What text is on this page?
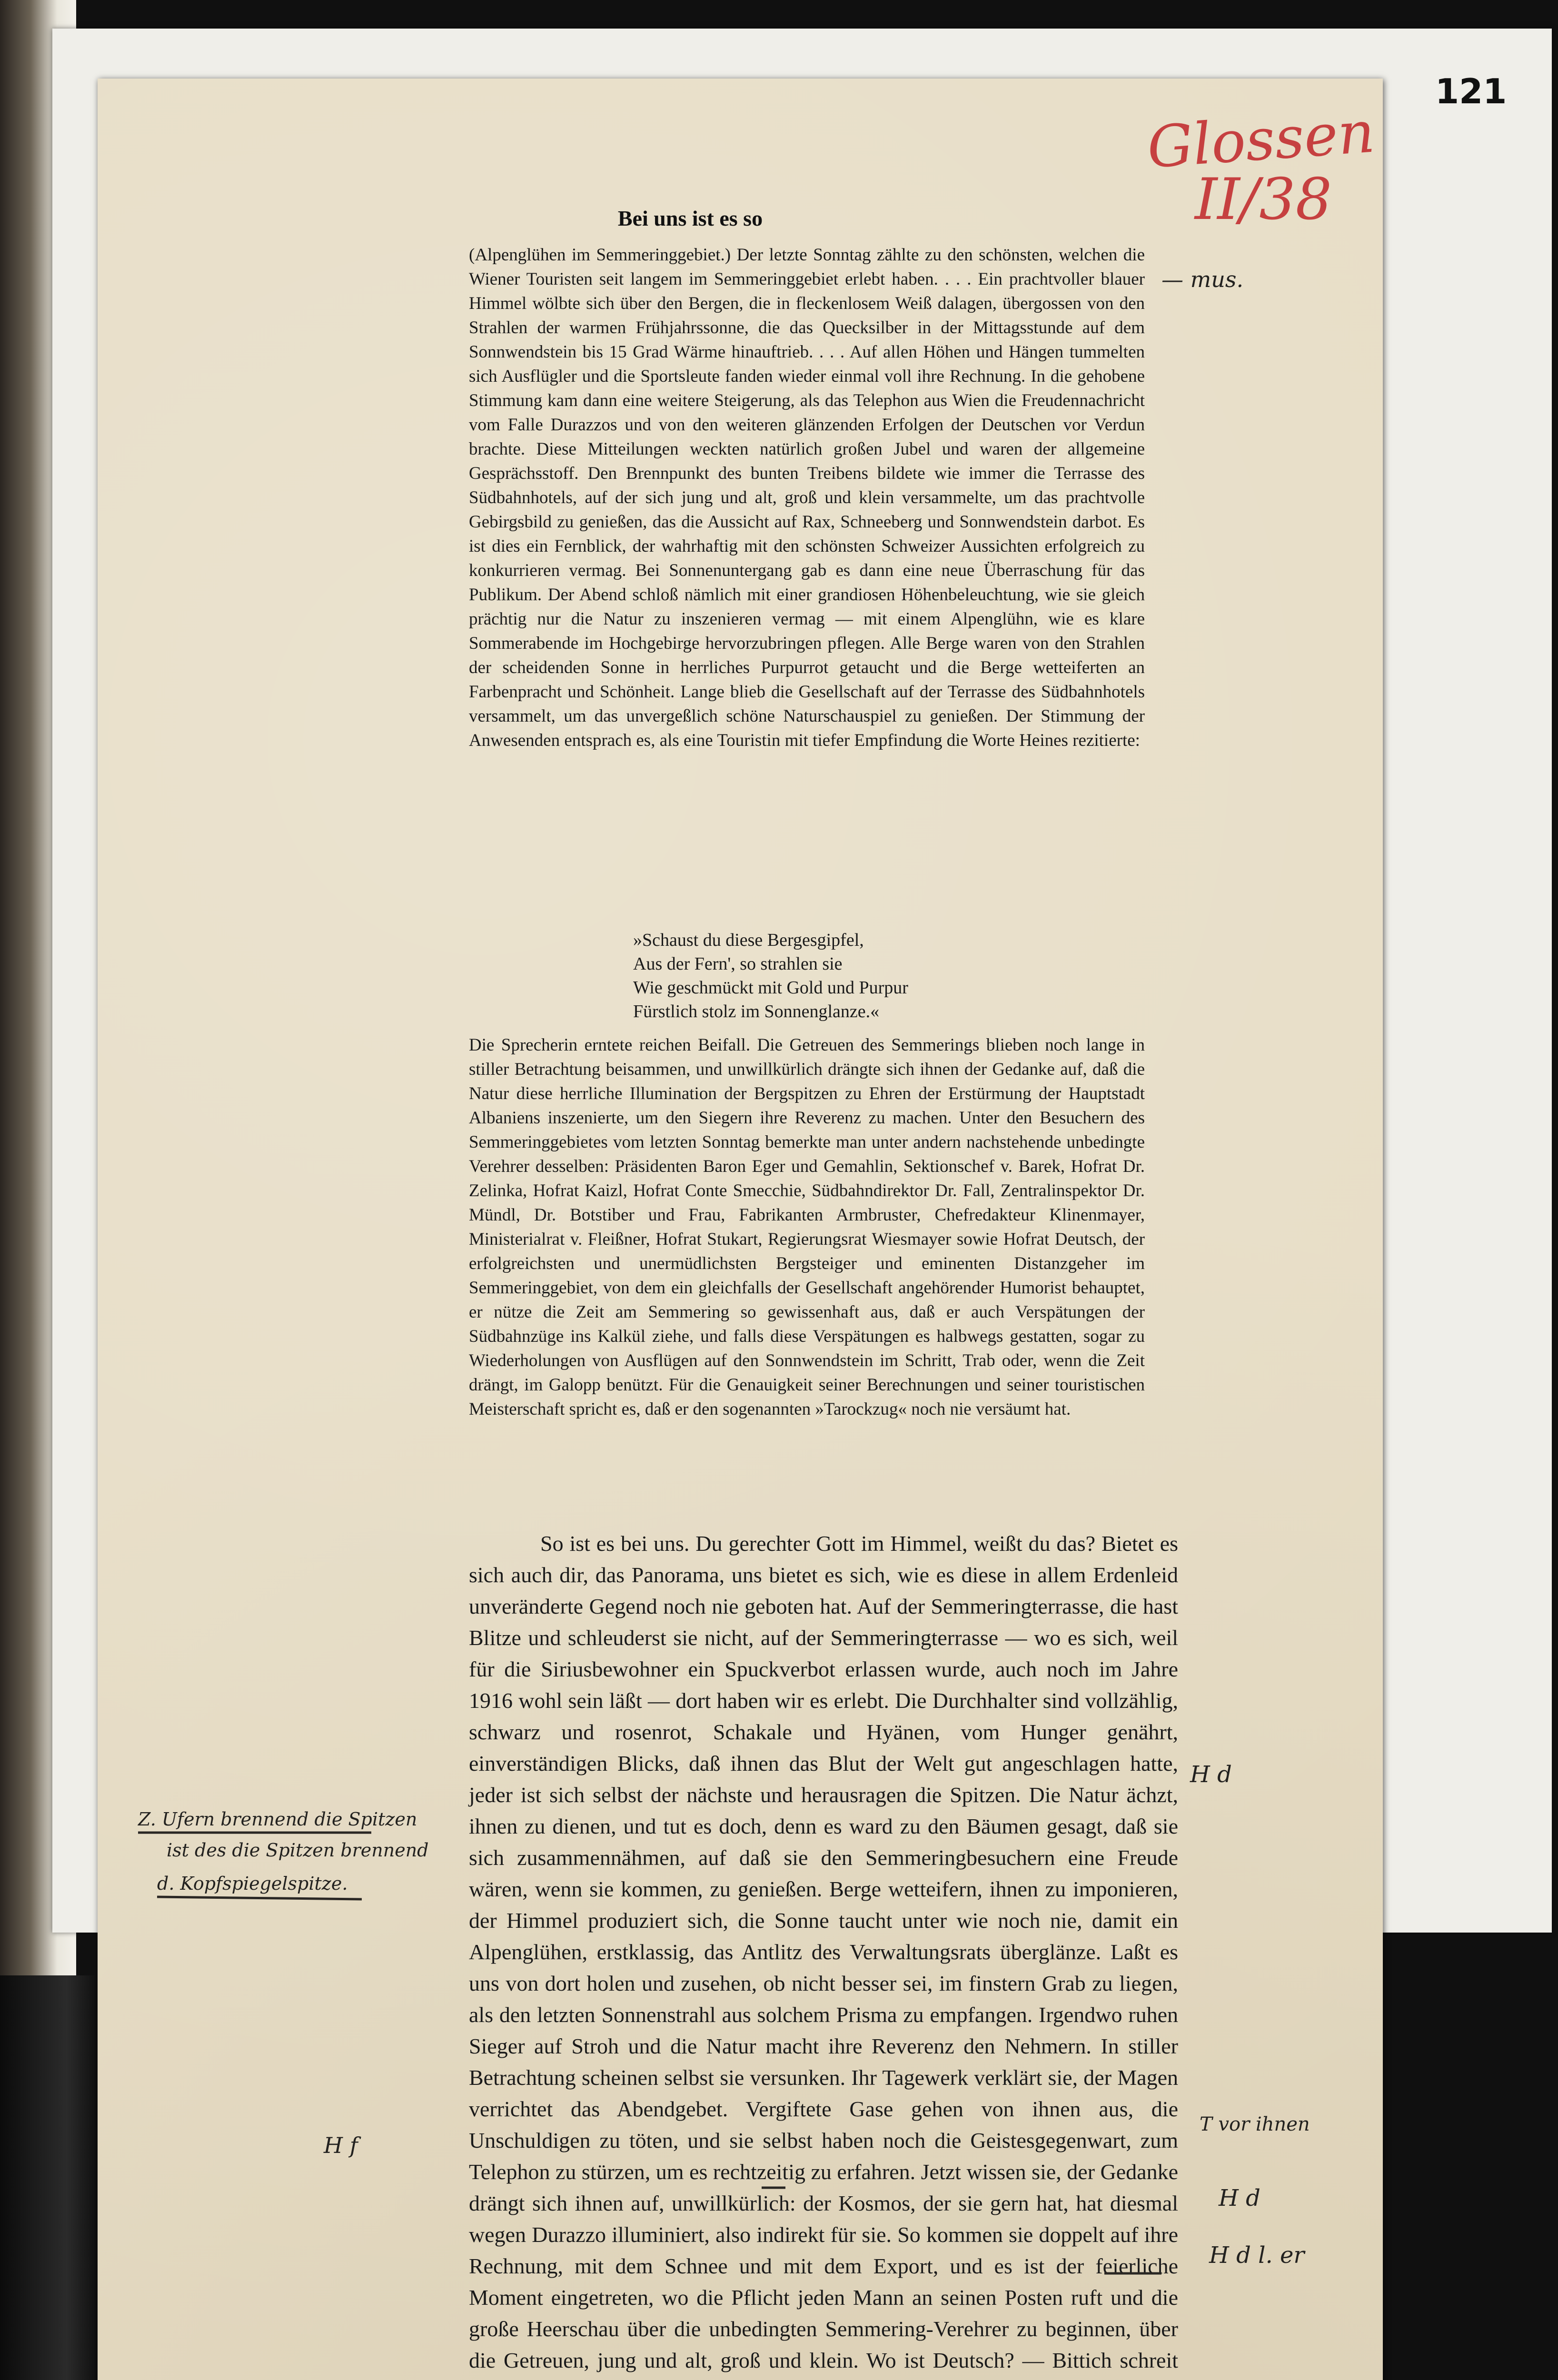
121
Glossen
II/38
Bei uns ist es so

(Alpenglühen im Semmeringgebiet.) Der letzte Sonntag zählte zu den schönsten, welchen die Wiener Touristen seit langem im Semmeringgebiet erlebt haben. . . . Ein prachtvoller blauer Himmel wölbte sich über den Bergen, die in fleckenlosem Weiß dalagen, übergossen von den Strahlen der warmen Frühjahrssonne, die das Quecksilber in der Mittagsstunde auf dem Sonnwendstein bis 15 Grad Wärme hinauftrieb. . . . Auf allen Höhen und Hängen tummelten sich Ausflügler und die Sportsleute fanden wieder einmal voll ihre Rechnung. In die gehobene Stimmung kam dann eine weitere Steigerung, als das Telephon aus Wien die Freudennachricht vom Falle Durazzos und von den weiteren glänzenden Erfolgen der Deutschen vor Verdun brachte. Diese Mitteilungen weckten natürlich großen Jubel und waren der allgemeine Gesprächsstoff. Den Brennpunkt des bunten Treibens bildete wie immer die Terrasse des Südbahnhotels, auf der sich jung und alt, groß und klein versammelte, um das prachtvolle Gebirgsbild zu genießen, das die Aussicht auf Rax, Schneeberg und Sonnwendstein darbot. Es ist dies ein Fernblick, der wahrhaftig mit den schönsten Schweizer Aussichten erfolgreich zu konkurrieren vermag. Bei Sonnenuntergang gab es dann eine neue Überraschung für das Publikum. Der Abend schloß nämlich mit einer grandiosen Höhenbeleuchtung, wie sie gleich prächtig nur die Natur zu inszenieren vermag — mit einem Alpenglühn, wie es klare Sommerabende im Hochgebirge hervorzubringen pflegen. Alle Berge waren von den Strahlen der scheidenden Sonne in herrliches Purpurrot getaucht und die Berge wetteiferten an Farbenpracht und Schönheit. Lange blieb die Gesellschaft auf der Terrasse des Südbahnhotels versammelt, um das unvergeßlich schöne Naturschauspiel zu genießen. Der Stimmung der Anwesenden entsprach es, als eine Touristin mit tiefer Empfindung die Worte Heines rezitierte:

»Schaust du diese Bergesgipfel,
Aus der Fern', so strahlen sie
Wie geschmückt mit Gold und Purpur
Fürstlich stolz im Sonnenglanze.«

Die Sprecherin erntete reichen Beifall. Die Getreuen des Semmerings blieben noch lange in stiller Betrachtung beisammen, und unwillkürlich drängte sich ihnen der Gedanke auf, daß die Natur diese herrliche Illumination der Bergspitzen zu Ehren der Erstürmung der Hauptstadt Albaniens inszenierte, um den Siegern ihre Reverenz zu machen. Unter den Besuchern des Semmeringgebietes vom letzten Sonntag bemerkte man unter andern nachstehende unbedingte Verehrer desselben: Präsidenten Baron Eger und Gemahlin, Sektionschef v. Barek, Hofrat Dr. Zelinka, Hofrat Kaizl, Hofrat Conte Smecchie, Südbahndirektor Dr. Fall, Zentralinspektor Dr. Mündl, Dr. Botstiber und Frau, Fabrikanten Armbruster, Chefredakteur Klinenmayer, Ministerialrat v. Fleißner, Hofrat Stukart, Regierungsrat Wiesmayer sowie Hofrat Deutsch, der erfolgreichsten und unermüdlichsten Bergsteiger und eminenten Distanzgeher im Semmeringgebiet, von dem ein gleichfalls der Gesellschaft angehörender Humorist behauptet, er nütze die Zeit am Semmering so gewissenhaft aus, daß er auch Verspätungen der Südbahnzüge ins Kalkül ziehe, und falls diese Verspätungen es halbwegs gestatten, sogar zu Wiederholungen von Ausflügen auf den Sonnwendstein im Schritt, Trab oder, wenn die Zeit drängt, im Galopp benützt. Für die Genauigkeit seiner Berechnungen und seiner touristischen Meisterschaft spricht es, daß er den sogenannten »Tarockzug« noch nie versäumt hat.

So ist es bei uns. Du gerechter Gott im Himmel, weißt du das? Bietet es sich auch dir, das Panorama, uns bietet es sich, wie es diese in allem Erdenleid unveränderte Gegend noch nie geboten hat. Auf der Semmeringterrasse, die hast Blitze und schleuderst sie nicht, auf der Semmeringterrasse — wo es sich, weil für die Siriusbewohner ein Spuckverbot erlassen wurde, auch noch im Jahre 1916 wohl sein läßt — dort haben wir es erlebt. Die Durchhalter sind vollzählig, schwarz und rosenrot, Schakale und Hyänen, vom Hunger genährt, einverständigen Blicks, daß ihnen das Blut der Welt gut angeschlagen hatte, jeder ist sich selbst der nächste und herausragen die Spitzen. Die Natur ächzt, ihnen zu dienen, und tut es doch, denn es ward zu den Bäumen gesagt, daß sie sich zusammennähmen, auf daß sie den Semmeringbesuchern eine Freude wären, wenn sie kommen, zu genießen. Berge wetteifern, ihnen zu imponieren, der Himmel produziert sich, die Sonne taucht unter wie noch nie, damit ein Alpenglühen, erstklassig, das Antlitz des Verwaltungsrats überglänze. Laßt es uns von dort holen und zusehen, ob nicht besser sei, im finstern Grab zu liegen, als den letzten Sonnenstrahl aus solchem Prisma zu empfangen. Irgendwo ruhen Sieger auf Stroh und die Natur macht ihre Reverenz den Nehmern. In stiller Betrachtung scheinen selbst sie versunken. Ihr Tagewerk verklärt sie, der Magen verrichtet das Abendgebet. Vergiftete Gase gehen von ihnen aus, die Unschuldigen zu töten, und sie selbst haben noch die Geistesgegenwart, zum Telephon zu stürzen, um es rechtzeitig zu erfahren. Jetzt wissen sie, der Gedanke drängt sich ihnen auf, unwillkürlich: der Kosmos, der sie gern hat, hat diesmal wegen Durazzo illuminiert, also indirekt für sie. So kommen sie doppelt auf ihre Rechnung, mit dem Schnee und mit dem Export, und es ist der feierliche Moment eingetreten, wo die Pflicht jeden Mann an seinen Posten ruft und die große Heerschau über die unbedingten Semmering-Verehrer zu beginnen, über die Getreuen, jung und alt, groß und klein. Wo ist Deutsch? — Bittich schreit

— mus.
Z. Ufern brennend die Spitzen
ist des die Spitzen brennend
d. Kopfspiegelspitze.
H d
H f
T vor ihnen
H d
H d l. er
